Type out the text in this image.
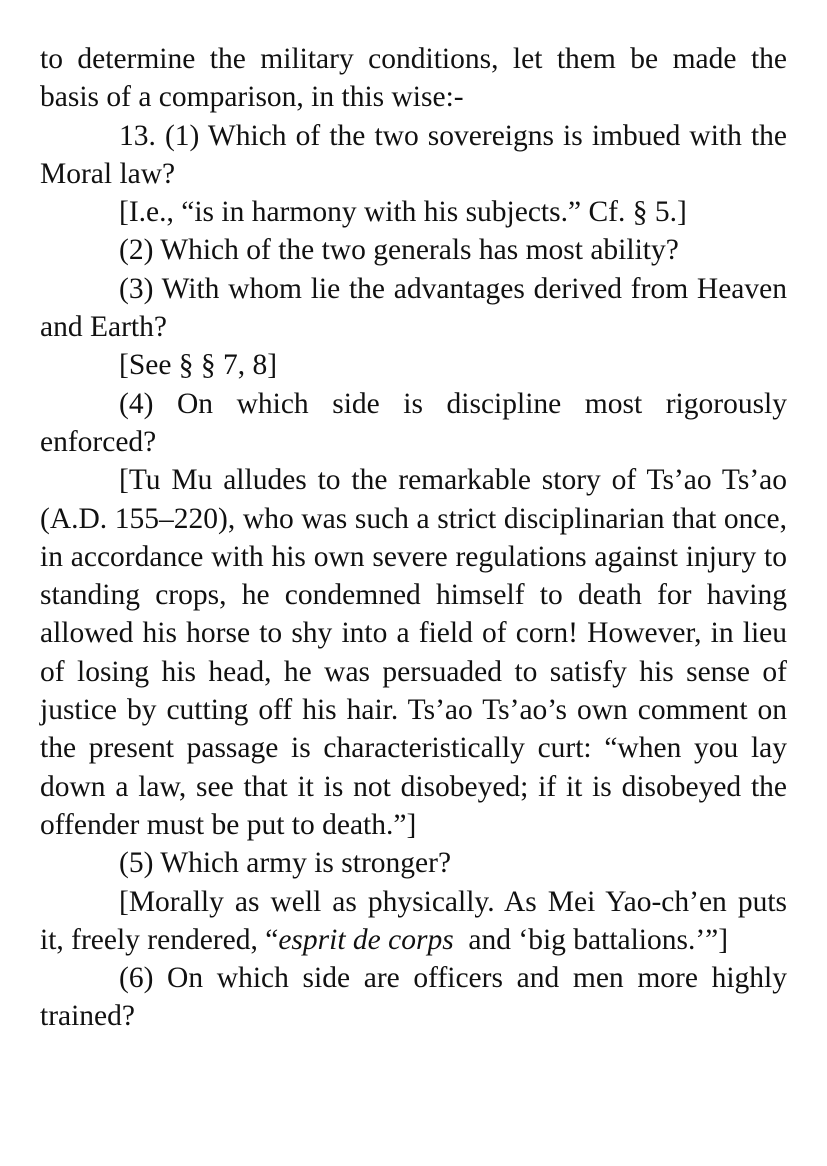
to determine the military conditions, let them be made the basis of a comparison, in this wise:-

13. (1) Which of the two sovereigns is imbued with the Moral law?

[I.e., “is in harmony with his subjects.” Cf. § 5.]

(2) Which of the two generals has most ability?

(3) With whom lie the advantages derived from Heaven and Earth?

[See § § 7, 8]

(4) On which side is discipline most rigorously enforced?

[Tu Mu alludes to the remarkable story of Ts’ao Ts’ao (A.D. 155–220), who was such a strict disciplinarian that once, in accordance with his own severe regulations against injury to standing crops, he condemned himself to death for having allowed his horse to shy into a field of corn! However, in lieu of losing his head, he was persuaded to satisfy his sense of justice by cutting off his hair. Ts’ao Ts’ao’s own comment on the present passage is characteristically curt: “when you lay down a law, see that it is not disobeyed; if it is disobeyed the offender must be put to death.”]

(5) Which army is stronger?

[Morally as well as physically. As Mei Yao-ch’en puts it, freely rendered, “esprit de corps  and ‘big battalions.’”]

(6) On which side are officers and men more highly trained?
